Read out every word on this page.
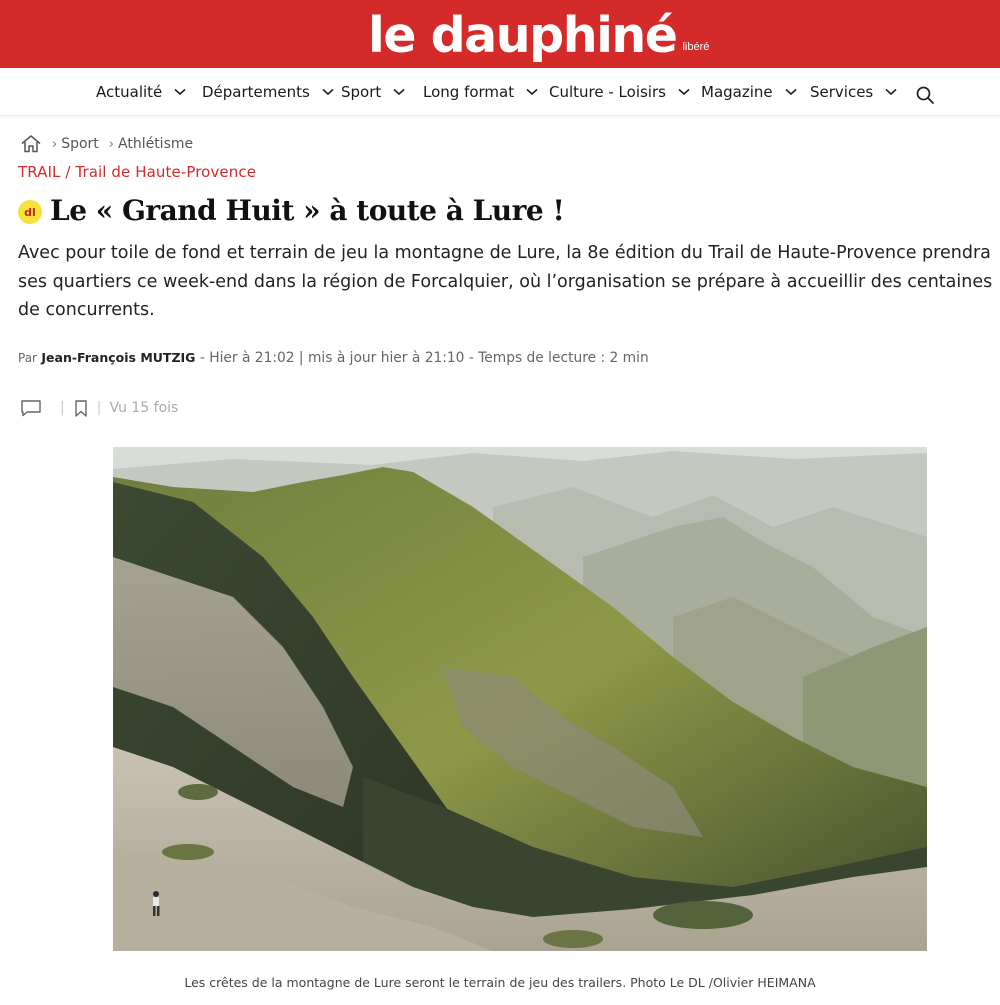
le dauphiné libéré
Actualité	Départements Sport	Long format Culture - Loisirs Magazine Services
› Sport › Athlétisme
TRAIL / Trail de Haute-Provence
dl Le « Grand Huit » à toute à Lure !

Avec pour toile de fond et terrain de jeu la montagne de Lure, la 8e édition du Trail de Haute-Provence prendra ses quartiers ce week-end dans la région de Forcalquier, où l’organisation se prépare à accueillir des centaines de concurrents.

Par Jean-François MUTZIG - Hier à 21:02 | mis à jour hier à 21:10 - Temps de lecture : 2 min
| | Vu 15 fois
Les crêtes de la montagne de Lure seront le terrain de jeu des trailers. Photo Le DL /Olivier HEIMANA
